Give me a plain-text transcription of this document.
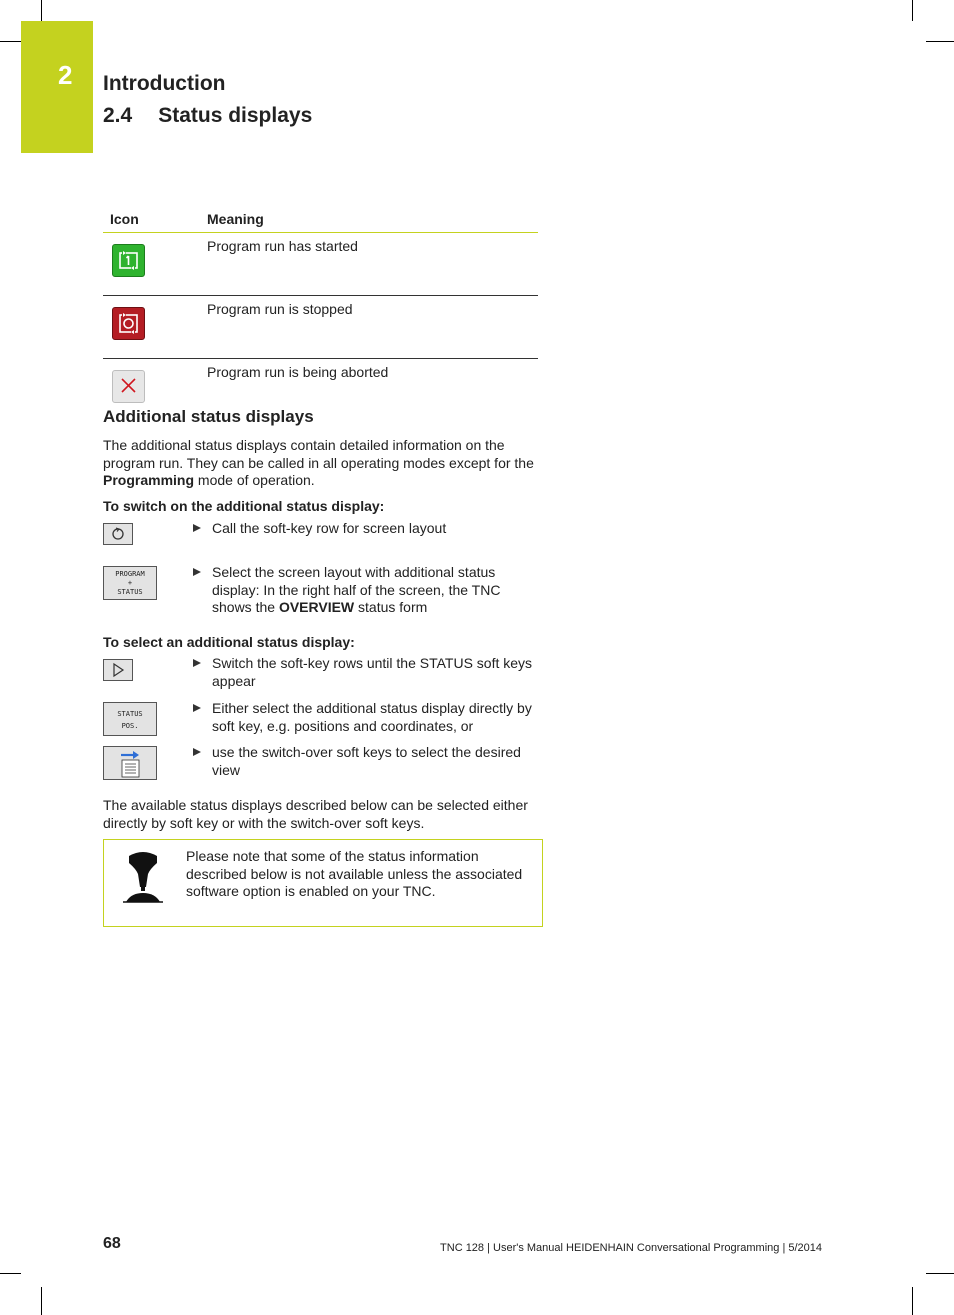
2 Introduction
2.4 Status displays
Icon	Meaning

	Program run has started

	Program run is stopped

	Program run is being aborted
Additional status displays

The additional status displays contain detailed information on the program run. They can be called in all operating modes except for the Programming mode of operation.

To switch on the additional status display:
Call the soft-key row for screen layout
PROGRAM
+
STATUS
Select the screen layout with additional status display: In the right half of the screen, the TNC shows the OVERVIEW status form
To select an additional status display:
Switch the soft-key rows until the STATUS soft keys appear
STATUS
POS.
Either select the additional status display directly by soft key, e.g. positions and coordinates, or
use the switch-over soft keys to select the desired view

The available status displays described below can be selected either directly by soft key or with the switch-over soft keys.

Please note that some of the status information described below is not available unless the associated software option is enabled on your TNC.
68	TNC 128 | User's Manual HEIDENHAIN Conversational Programming | 5/2014
